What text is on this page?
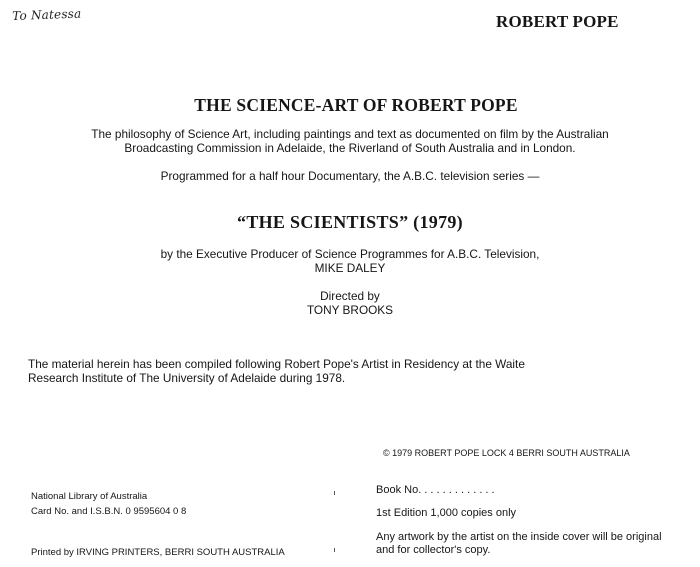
To Natessa	ROBERT POPE
THE SCIENCE-ART OF ROBERT POPE
The philosophy of Science Art, including paintings and text as documented on film by the Australian
Broadcasting Commission in Adelaide, the Riverland of South Australia and in London.
Programmed for a half hour Documentary, the A.B.C. television series —
“THE SCIENTISTS” (1979)
by the Executive Producer of Science Programmes for A.B.C. Television,
MIKE DALEY
Directed by
TONY BROOKS
The material herein has been compiled following Robert Pope's Artist in Residency at the Waite
Research Institute of The University of Adelaide during 1978.
© 1979 ROBERT POPE LOCK 4 BERRI SOUTH AUSTRALIA
National Library of Australia
Card No. and I.S.B.N. 0 9595604 0 8
Printed by IRVING PRINTERS, BERRI SOUTH AUSTRALIA
Book No. . . . . . . . . . . . .
1st Edition 1,000 copies only
Any artwork by the artist on the inside cover will be original
and for collector's copy.
